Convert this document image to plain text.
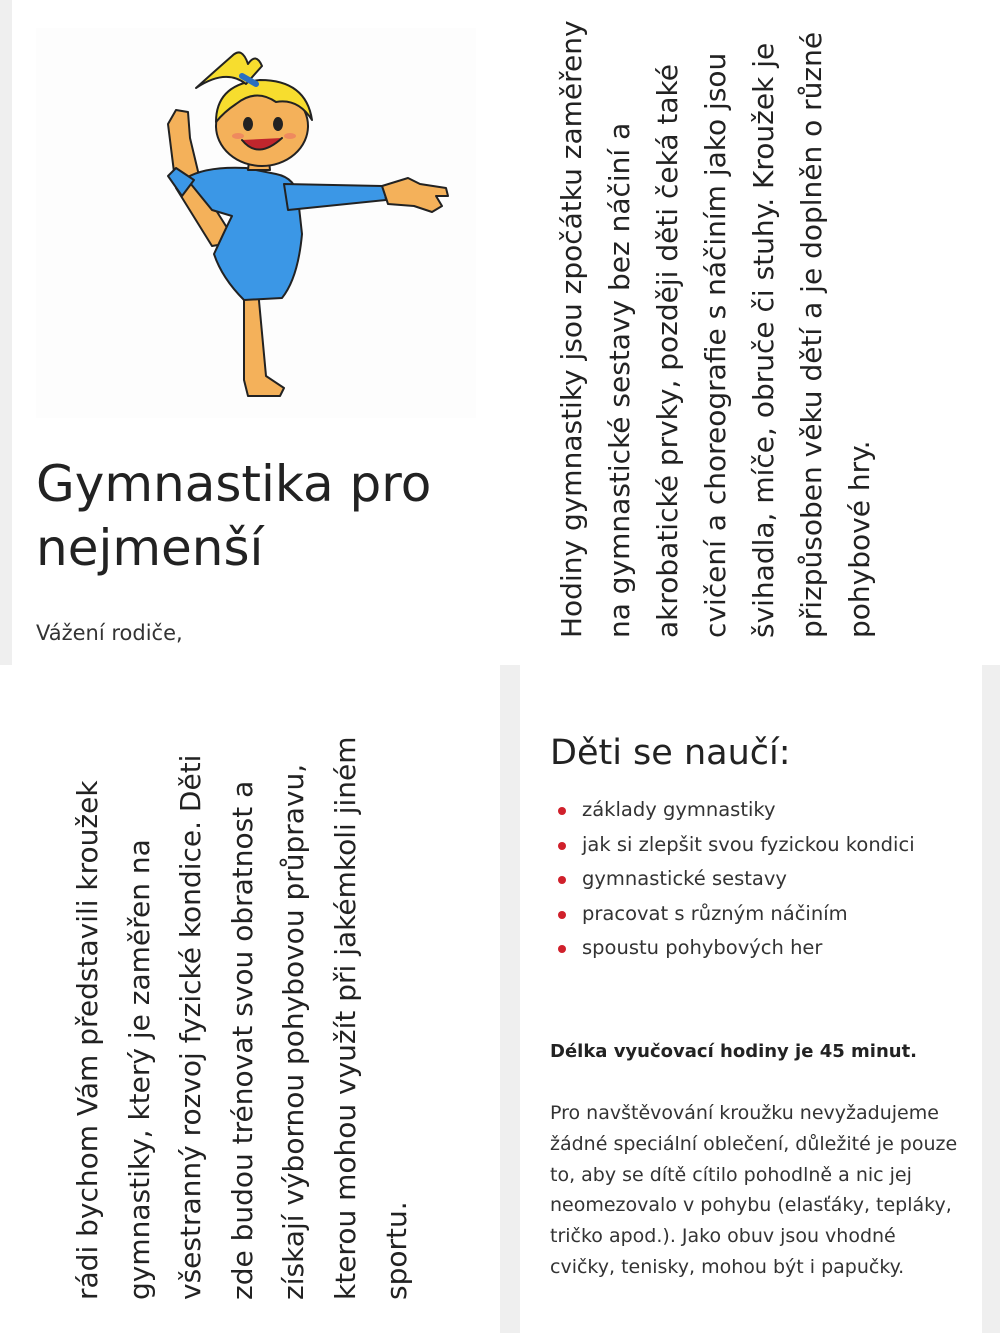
Gymnastika pro nejmenší

Vážení rodiče,	Hodiny gymnastiky jsou zpočátku zaměřeny na gymnastické sestavy bez náčiní a akrobatické prvky, později děti čeká také cvičení a choreografie s náčiním jako jsou švihadla, míče, obruče či stuhy. Kroužek je přizpůsoben věku dětí a je doplněn o různé pohybové hry.
rádi bychom Vám představili kroužek gymnastiky, který je zaměřen na všestranný rozvoj fyzické kondice. Děti zde budou trénovat svou obratnost a získají výbornou pohybovou průpravu, kterou mohou využít při jakémkoli jiném sportu.
Děti se naučí:
základy gymnastiky
jak si zlepšit svou fyzickou kondici
gymnastické sestavy
pracovat s různým náčiním
spoustu pohybových her

Délka vyučovací hodiny je 45 minut.

Pro navštěvování kroužku nevyžadujeme žádné speciální oblečení, důležité je pouze to, aby se dítě cítilo pohodlně a nic jej neomezovalo v pohybu (elasťáky, tepláky, tričko apod.). Jako obuv jsou vhodné cvičky, tenisky, mohou být i papučky.
